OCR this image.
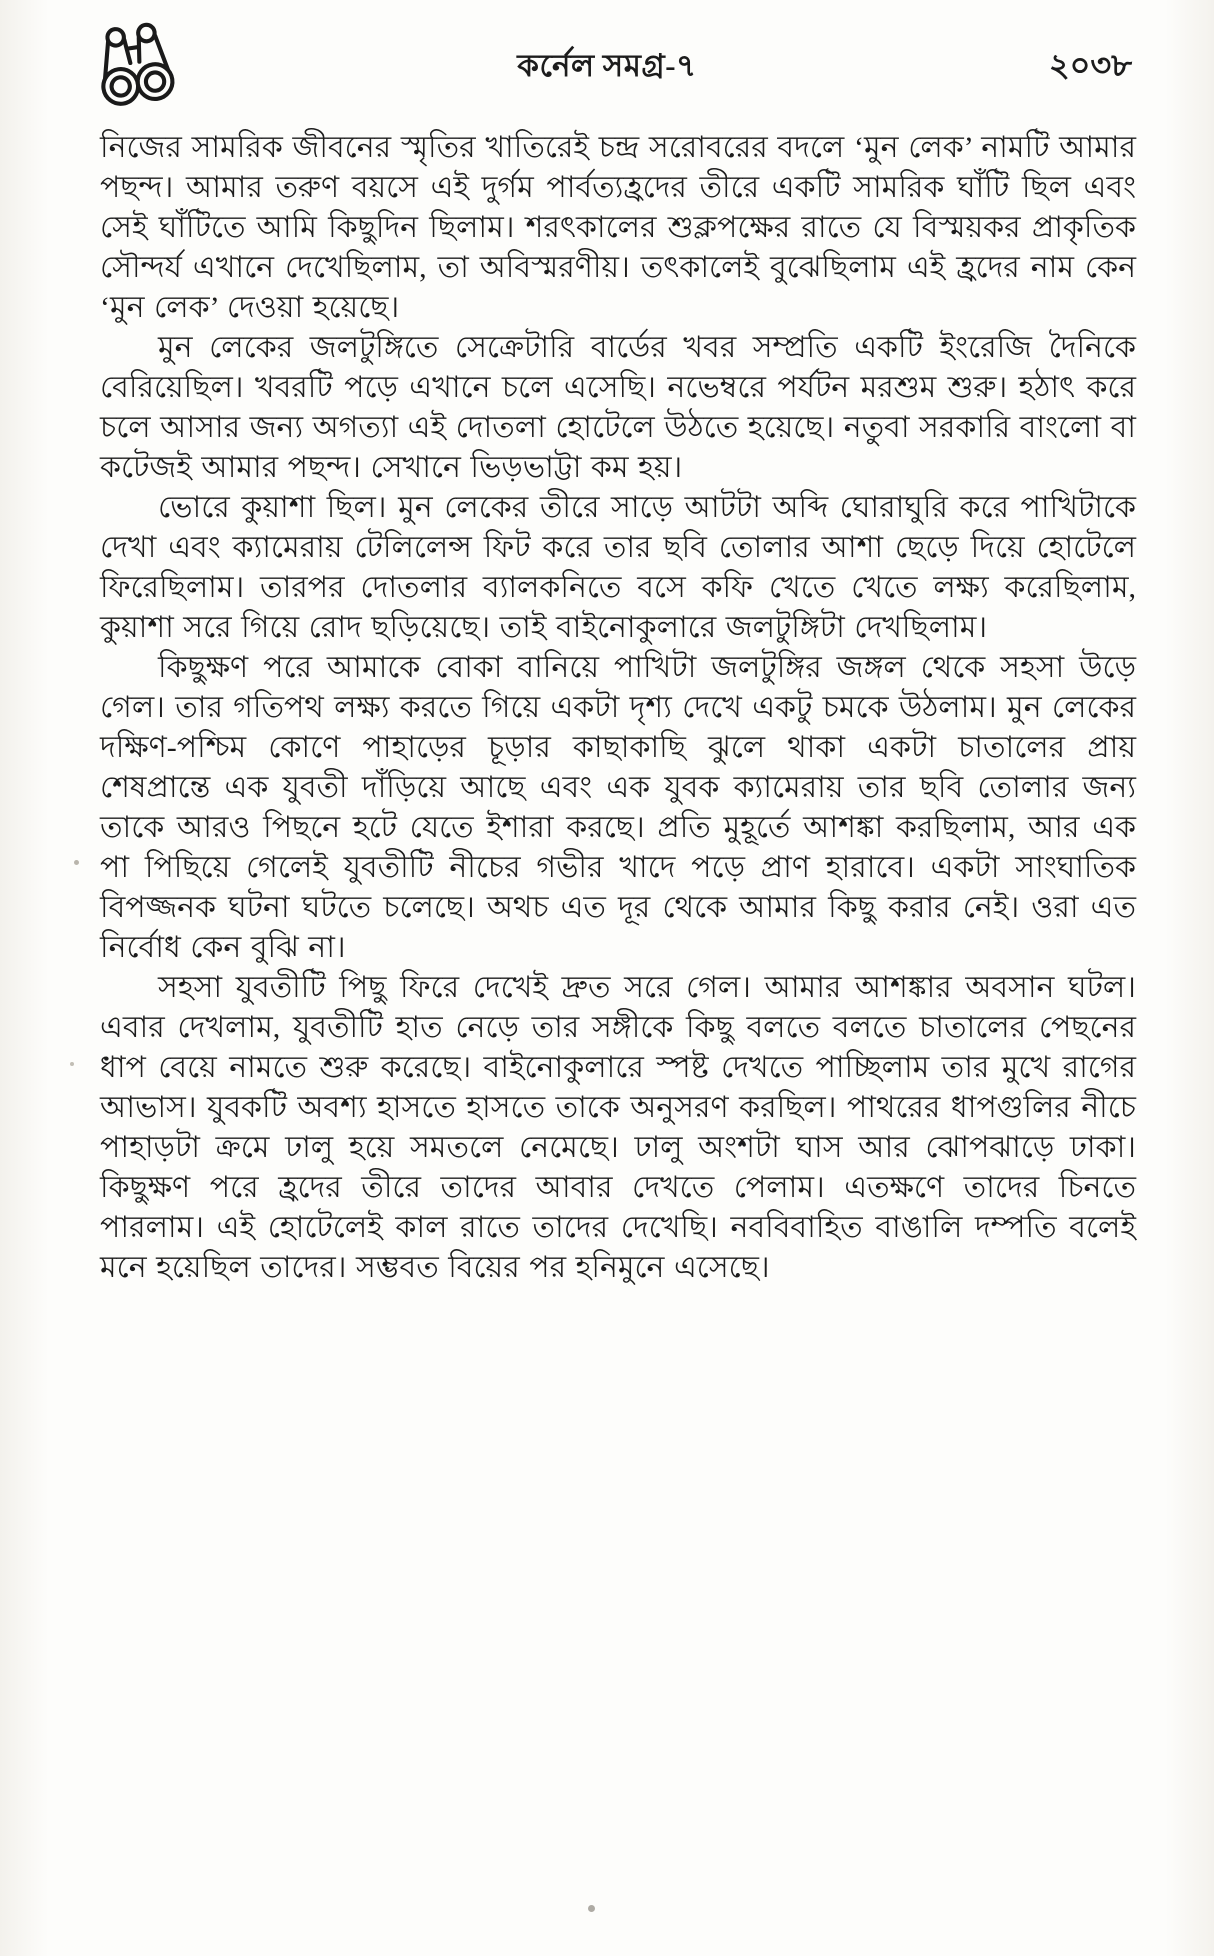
কর্নেল সমগ্র-৭	২০৩৮

নিজের সামরিক জীবনের স্মৃতির খাতিরেই চন্দ্র সরোবরের বদলে ‘মুন লেক’ নামটি আমার পছন্দ। আমার তরুণ বয়সে এই দুর্গম পার্বত্যহ্রদের তীরে একটি সামরিক ঘাঁটি ছিল এবং সেই ঘাঁটিতে আমি কিছুদিন ছিলাম। শরৎকালের শুক্লপক্ষের রাতে যে বিস্ময়কর প্রাকৃতিক সৌন্দর্য এখানে দেখেছিলাম, তা অবিস্মরণীয়। তৎকালেই বুঝেছিলাম এই হ্রদের নাম কেন ‘মুন লেক’ দেওয়া হয়েছে।

মুন লেকের জলটুঙ্গিতে সেক্রেটারি বার্ডের খবর সম্প্রতি একটি ইংরেজি দৈনিকে বেরিয়েছিল। খবরটি পড়ে এখানে চলে এসেছি। নভেম্বরে পর্যটন মরশুম শুরু। হঠাৎ করে চলে আসার জন্য অগত্যা এই দোতলা হোটেলে উঠতে হয়েছে। নতুবা সরকারি বাংলো বা কটেজই আমার পছন্দ। সেখানে ভিড়ভাট্টা কম হয়।

ভোরে কুয়াশা ছিল। মুন লেকের তীরে সাড়ে আটটা অব্দি ঘোরাঘুরি করে পাখিটাকে দেখা এবং ক্যামেরায় টেলিলেন্স ফিট করে তার ছবি তোলার আশা ছেড়ে দিয়ে হোটেলে ফিরেছিলাম। তারপর দোতলার ব্যালকনিতে বসে কফি খেতে খেতে লক্ষ্য করেছিলাম, কুয়াশা সরে গিয়ে রোদ ছড়িয়েছে। তাই বাইনোকুলারে জলটুঙ্গিটা দেখছিলাম।

কিছুক্ষণ পরে আমাকে বোকা বানিয়ে পাখিটা জলটুঙ্গির জঙ্গল থেকে সহসা উড়ে গেল। তার গতিপথ লক্ষ্য করতে গিয়ে একটা দৃশ্য দেখে একটু চমকে উঠলাম। মুন লেকের দক্ষিণ-পশ্চিম কোণে পাহাড়ের চূড়ার কাছাকাছি ঝুলে থাকা একটা চাতালের প্রায় শেষপ্রান্তে এক যুবতী দাঁড়িয়ে আছে এবং এক যুবক ক্যামেরায় তার ছবি তোলার জন্য তাকে আরও পিছনে হটে যেতে ইশারা করছে। প্রতি মুহূর্তে আশঙ্কা করছিলাম, আর এক পা পিছিয়ে গেলেই যুবতীটি নীচের গভীর খাদে পড়ে প্রাণ হারাবে। একটা সাংঘাতিক বিপজ্জনক ঘটনা ঘটতে চলেছে। অথচ এত দূর থেকে আমার কিছু করার নেই। ওরা এত নির্বোধ কেন বুঝি না।

সহসা যুবতীটি পিছু ফিরে দেখেই দ্রুত সরে গেল। আমার আশঙ্কার অবসান ঘটল। এবার দেখলাম, যুবতীটি হাত নেড়ে তার সঙ্গীকে কিছু বলতে বলতে চাতালের পেছনের ধাপ বেয়ে নামতে শুরু করেছে। বাইনোকুলারে স্পষ্ট দেখতে পাচ্ছিলাম তার মুখে রাগের আভাস। যুবকটি অবশ্য হাসতে হাসতে তাকে অনুসরণ করছিল। পাথরের ধাপগুলির নীচে পাহাড়টা ক্রমে ঢালু হয়ে সমতলে নেমেছে। ঢালু অংশটা ঘাস আর ঝোপঝাড়ে ঢাকা। কিছুক্ষণ পরে হ্রদের তীরে তাদের আবার দেখতে পেলাম। এতক্ষণে তাদের চিনতে পারলাম। এই হোটেলেই কাল রাতে তাদের দেখেছি। নববিবাহিত বাঙালি দম্পতি বলেই মনে হয়েছিল তাদের। সম্ভবত বিয়ের পর হনিমুনে এসেছে।
